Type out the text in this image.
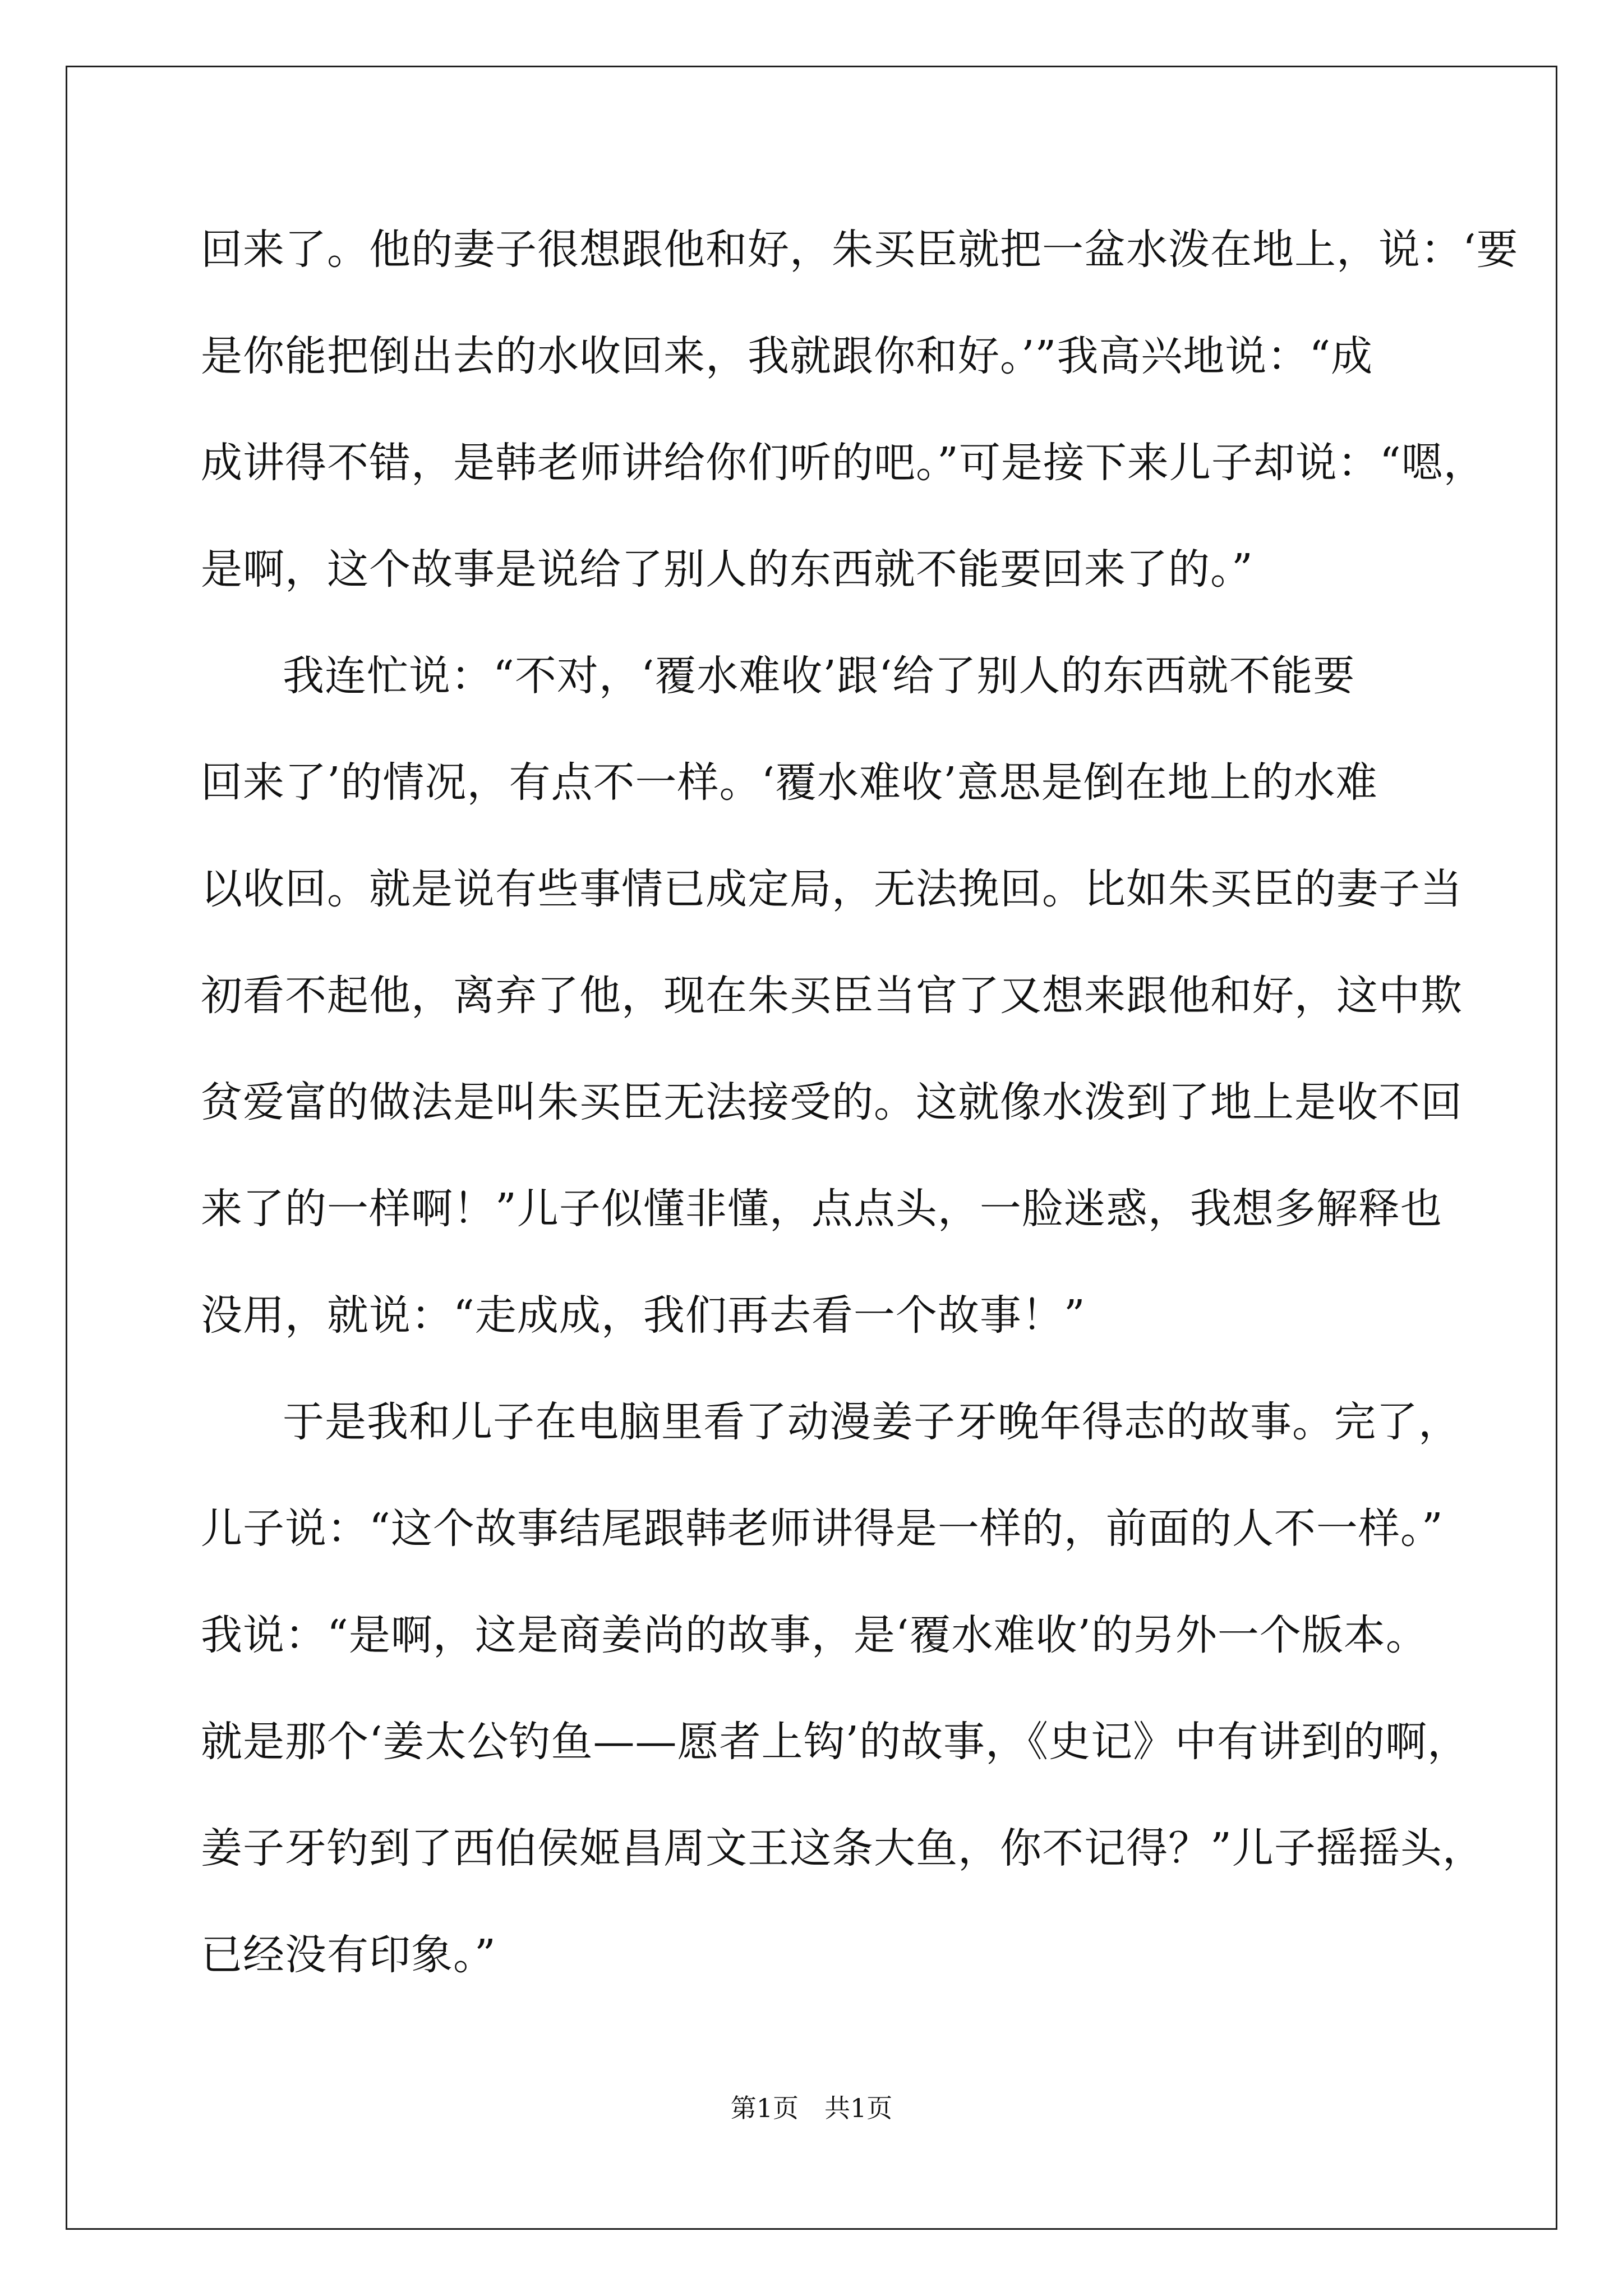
回来了。他的妻子很想跟他和好，朱买臣就把一盆水泼在地上，说：‘要
是你能把倒出去的水收回来，我就跟你和好。’”我高兴地说：“成
成讲得不错，是韩老师讲给你们听的吧。”可是接下来儿子却说：“嗯，
是啊，这个故事是说给了别人的东西就不能要回来了的。”
我连忙说：“不对，‘覆水难收’跟‘给了别人的东西就不能要
回来了’的情况，有点不一样。‘覆水难收’意思是倒在地上的水难
以收回。就是说有些事情已成定局，无法挽回。比如朱买臣的妻子当
初看不起他，离弃了他，现在朱买臣当官了又想来跟他和好，这中欺
贫爱富的做法是叫朱买臣无法接受的。这就像水泼到了地上是收不回
来了的一样啊！”儿子似懂非懂，点点头，一脸迷惑，我想多解释也
没用，就说：“走成成，我们再去看一个故事！”
于是我和儿子在电脑里看了动漫姜子牙晚年得志的故事。完了，
儿子说：“这个故事结尾跟韩老师讲得是一样的，前面的人不一样。”
我说：“是啊，这是商姜尚的故事，是‘覆水难收’的另外一个版本。
就是那个‘姜太公钓鱼——愿者上钩’的故事，《史记》中有讲到的啊，
姜子牙钓到了西伯侯姬昌周文王这条大鱼，你不记得？”儿子摇摇头，
已经没有印象。”
第1页　共1页
